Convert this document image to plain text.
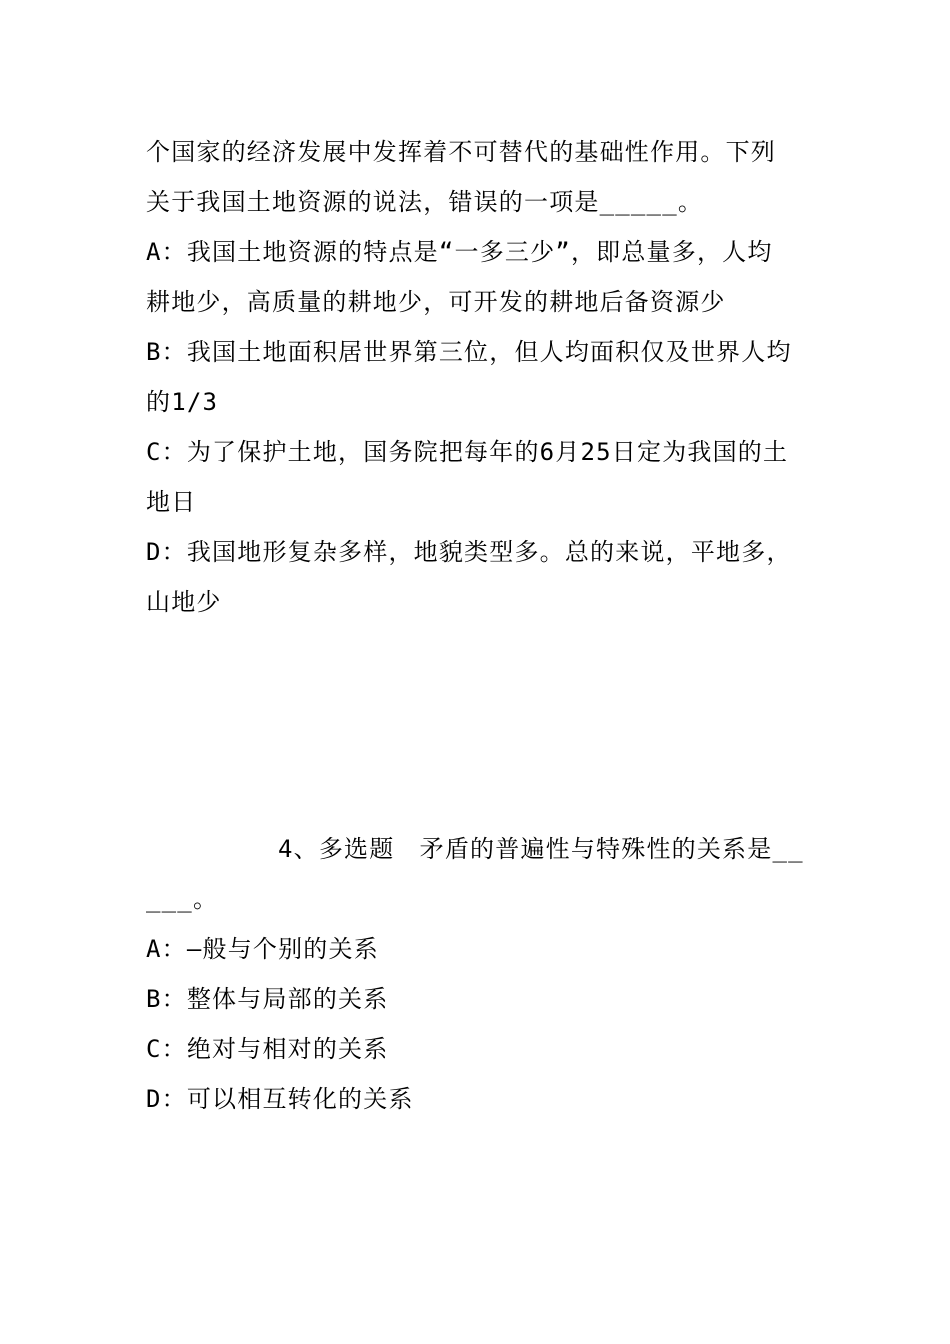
个国家的经济发展中发挥着不可替代的基础性作用。下列
关于我国土地资源的说法，错误的一项是_____。
A：我国土地资源的特点是“一多三少”，即总量多，人均
耕地少，高质量的耕地少，可开发的耕地后备资源少
B：我国土地面积居世界第三位，但人均面积仅及世界人均
的1/3
C：为了保护土地，国务院把每年的6月25日定为我国的土
地日
D：我国地形复杂多样，地貌类型多。总的来说，平地多，
山地少
4、多选题　矛盾的普遍性与特殊性的关系是__
___。
A：—般与个别的关系
B：整体与局部的关系
C：绝对与相对的关系
D：可以相互转化的关系
